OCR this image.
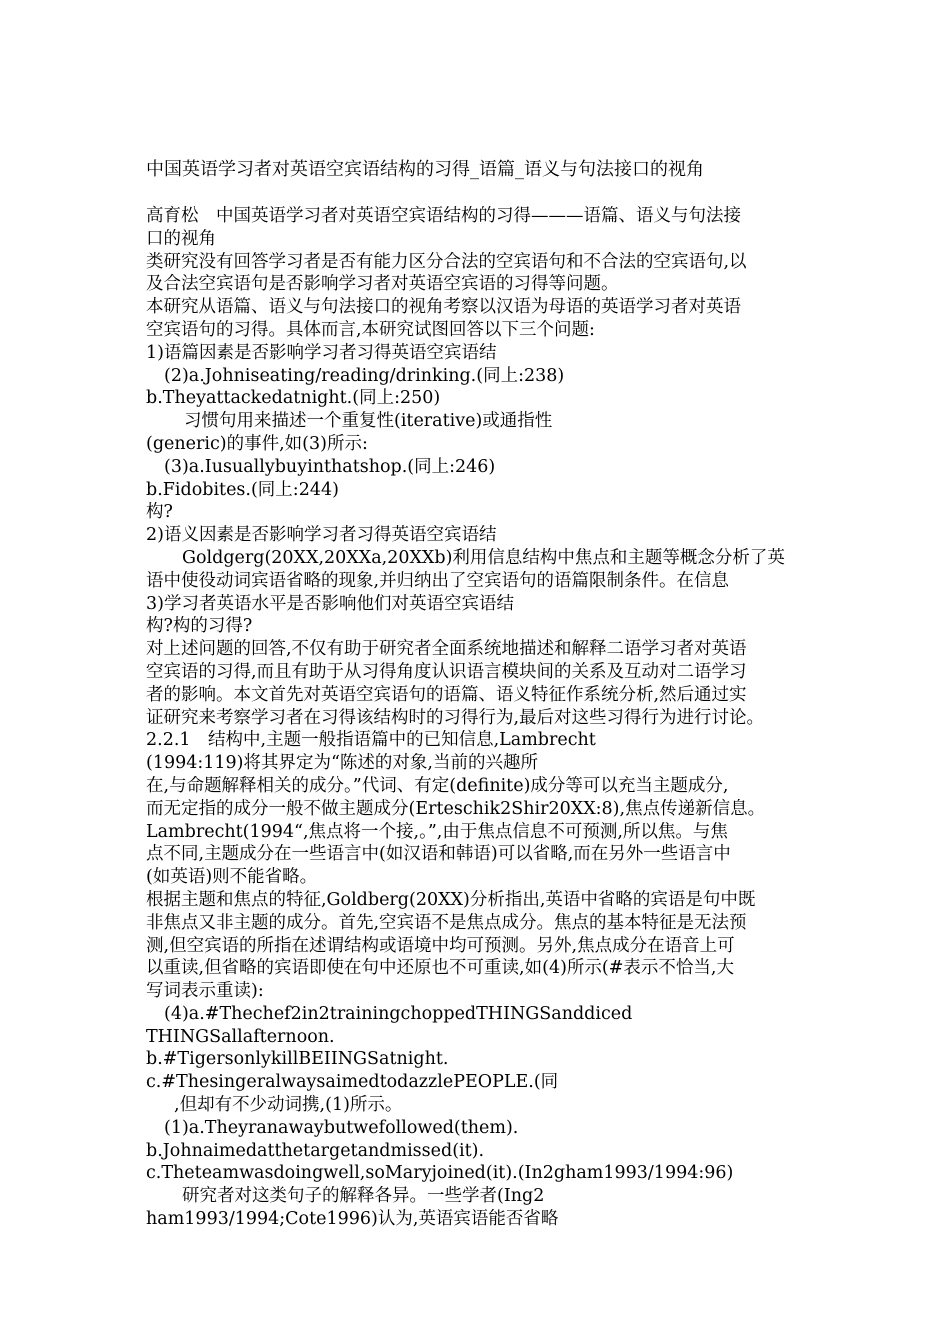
中国英语学习者对英语空宾语结构的习得_语篇_语义与句法接口的视角
高育松　中国英语学习者对英语空宾语结构的习得———语篇、语义与句法接
口的视角
类研究没有回答学习者是否有能力区分合法的空宾语句和不合法的空宾语句,以
及合法空宾语句是否影响学习者对英语空宾语的习得等问题。
本研究从语篇、语义与句法接口的视角考察以汉语为母语的英语学习者对英语
空宾语句的习得。具体而言,本研究试图回答以下三个问题:
1)语篇因素是否影响学习者习得英语空宾语结
(2)a.Johniseating/reading/drinking.(同上:238)
b.Theyattackedatnight.(同上:250)
习惯句用来描述一个重复性(iterative)或通指性
(generic)的事件,如(3)所示:
(3)a.Iusuallybuyinthatshop.(同上:246)
b.Fidobites.(同上:244)
构?
2)语义因素是否影响学习者习得英语空宾语结
Goldgerg(20XX,20XXa,20XXb)利用信息结构中焦点和主题等概念分析了英
语中使役动词宾语省略的现象,并归纳出了空宾语句的语篇限制条件。在信息
3)学习者英语水平是否影响他们对英语空宾语结
构?构的习得?
对上述问题的回答,不仅有助于研究者全面系统地描述和解释二语学习者对英语
空宾语的习得,而且有助于从习得角度认识语言模块间的关系及互动对二语学习
者的影响。本文首先对英语空宾语句的语篇、语义特征作系统分析,然后通过实
证研究来考察学习者在习得该结构时的习得行为,最后对这些习得行为进行讨论。
2.2.1　结构中,主题一般指语篇中的已知信息,Lambrecht
(1994:119)将其界定为“陈述的对象,当前的兴趣所
在,与命题解释相关的成分。”代词、有定(definite)成分等可以充当主题成分,
而无定指的成分一般不做主题成分(Erteschik2Shir20XX:8),焦点传递新信息。
Lambrecht(1994“,焦点将一个接,。”,由于焦点信息不可预测,所以焦。与焦
点不同,主题成分在一些语言中(如汉语和韩语)可以省略,而在另外一些语言中
(如英语)则不能省略。
根据主题和焦点的特征,Goldberg(20XX)分析指出,英语中省略的宾语是句中既
非焦点又非主题的成分。首先,空宾语不是焦点成分。焦点的基本特征是无法预
测,但空宾语的所指在述谓结构或语境中均可预测。另外,焦点成分在语音上可
以重读,但省略的宾语即使在句中还原也不可重读,如(4)所示(#表示不恰当,大
写词表示重读):
(4)a.#Thechef2in2trainingchoppedTHINGSanddiced
THINGSallafternoon.
b.#TigersonlykillBEIINGSatnight.
c.#ThesingeralwaysaimedtodazzlePEOPLE.(同
,但却有不少动词携,(1)所示。
(1)a.Theyranawaybutwefollowed(them).
b.Johnaimedatthetargetandmissed(it).
c.Theteamwasdoingwell,soMaryjoined(it).(In2gham1993/1994:96)
研究者对这类句子的解释各异。一些学者(Ing2
ham1993/1994;Cote1996)认为,英语宾语能否省略
